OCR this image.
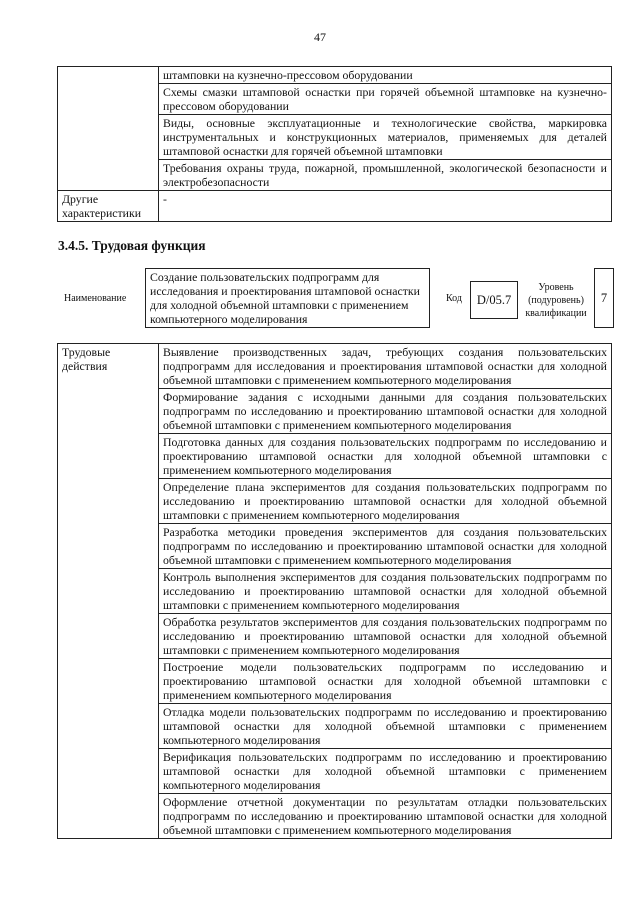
47
	штамповки на кузнечно-прессовом оборудовании
	Схемы смазки штамповой оснастки при горячей объемной штамповке на кузнечно-прессовом оборудовании
	Виды, основные эксплуатационные и технологические свойства, маркировка инструментальных и конструкционных материалов, применяемых для деталей штамповой оснастки для горячей объемной штамповки
	Требования охраны труда, пожарной, промышленной, экологической безопасности и электробезопасности
Другие характеристики	-
3.4.5. Трудовая функция
Наименование
Создание пользовательских подпрограмм для исследования и проектирования штамповой оснастки для холодной объемной штамповки с применением компьютерного моделирования
Код	D/05.7
Уровень (подуровень) квалификации
7
Трудовые действия	Выявление производственных задач, требующих создания пользовательских подпрограмм для исследования и проектирования штамповой оснастки для холодной объемной штамповки с применением компьютерного моделирования
Формирование задания с исходными данными для создания пользовательских подпрограмм по исследованию и проектированию штамповой оснастки для холодной объемной штамповки с применением компьютерного моделирования
Подготовка данных для создания пользовательских подпрограмм по исследованию и проектированию штамповой оснастки для холодной объемной штамповки с применением компьютерного моделирования
Определение плана экспериментов для создания пользовательских подпрограмм по исследованию и проектированию штамповой оснастки для холодной объемной штамповки с применением компьютерного моделирования
Разработка методики проведения экспериментов для создания пользовательских подпрограмм по исследованию и проектированию штамповой оснастки для холодной объемной штамповки с применением компьютерного моделирования
Контроль выполнения экспериментов для создания пользовательских подпрограмм по исследованию и проектированию штамповой оснастки для холодной объемной штамповки с применением компьютерного моделирования
Обработка результатов экспериментов для создания пользовательских подпрограмм по исследованию и проектированию штамповой оснастки для холодной объемной штамповки с применением компьютерного моделирования
Построение модели пользовательских подпрограмм по исследованию и проектированию штамповой оснастки для холодной объемной штамповки с применением компьютерного моделирования
Отладка модели пользовательских подпрограмм по исследованию и проектированию штамповой оснастки для холодной объемной штамповки с применением компьютерного моделирования
Верификация пользовательских подпрограмм по исследованию и проектированию штамповой оснастки для холодной объемной штамповки с применением компьютерного моделирования
Оформление отчетной документации по результатам отладки пользовательских подпрограмм по исследованию и проектированию штамповой оснастки для холодной объемной штамповки с применением компьютерного моделирования
